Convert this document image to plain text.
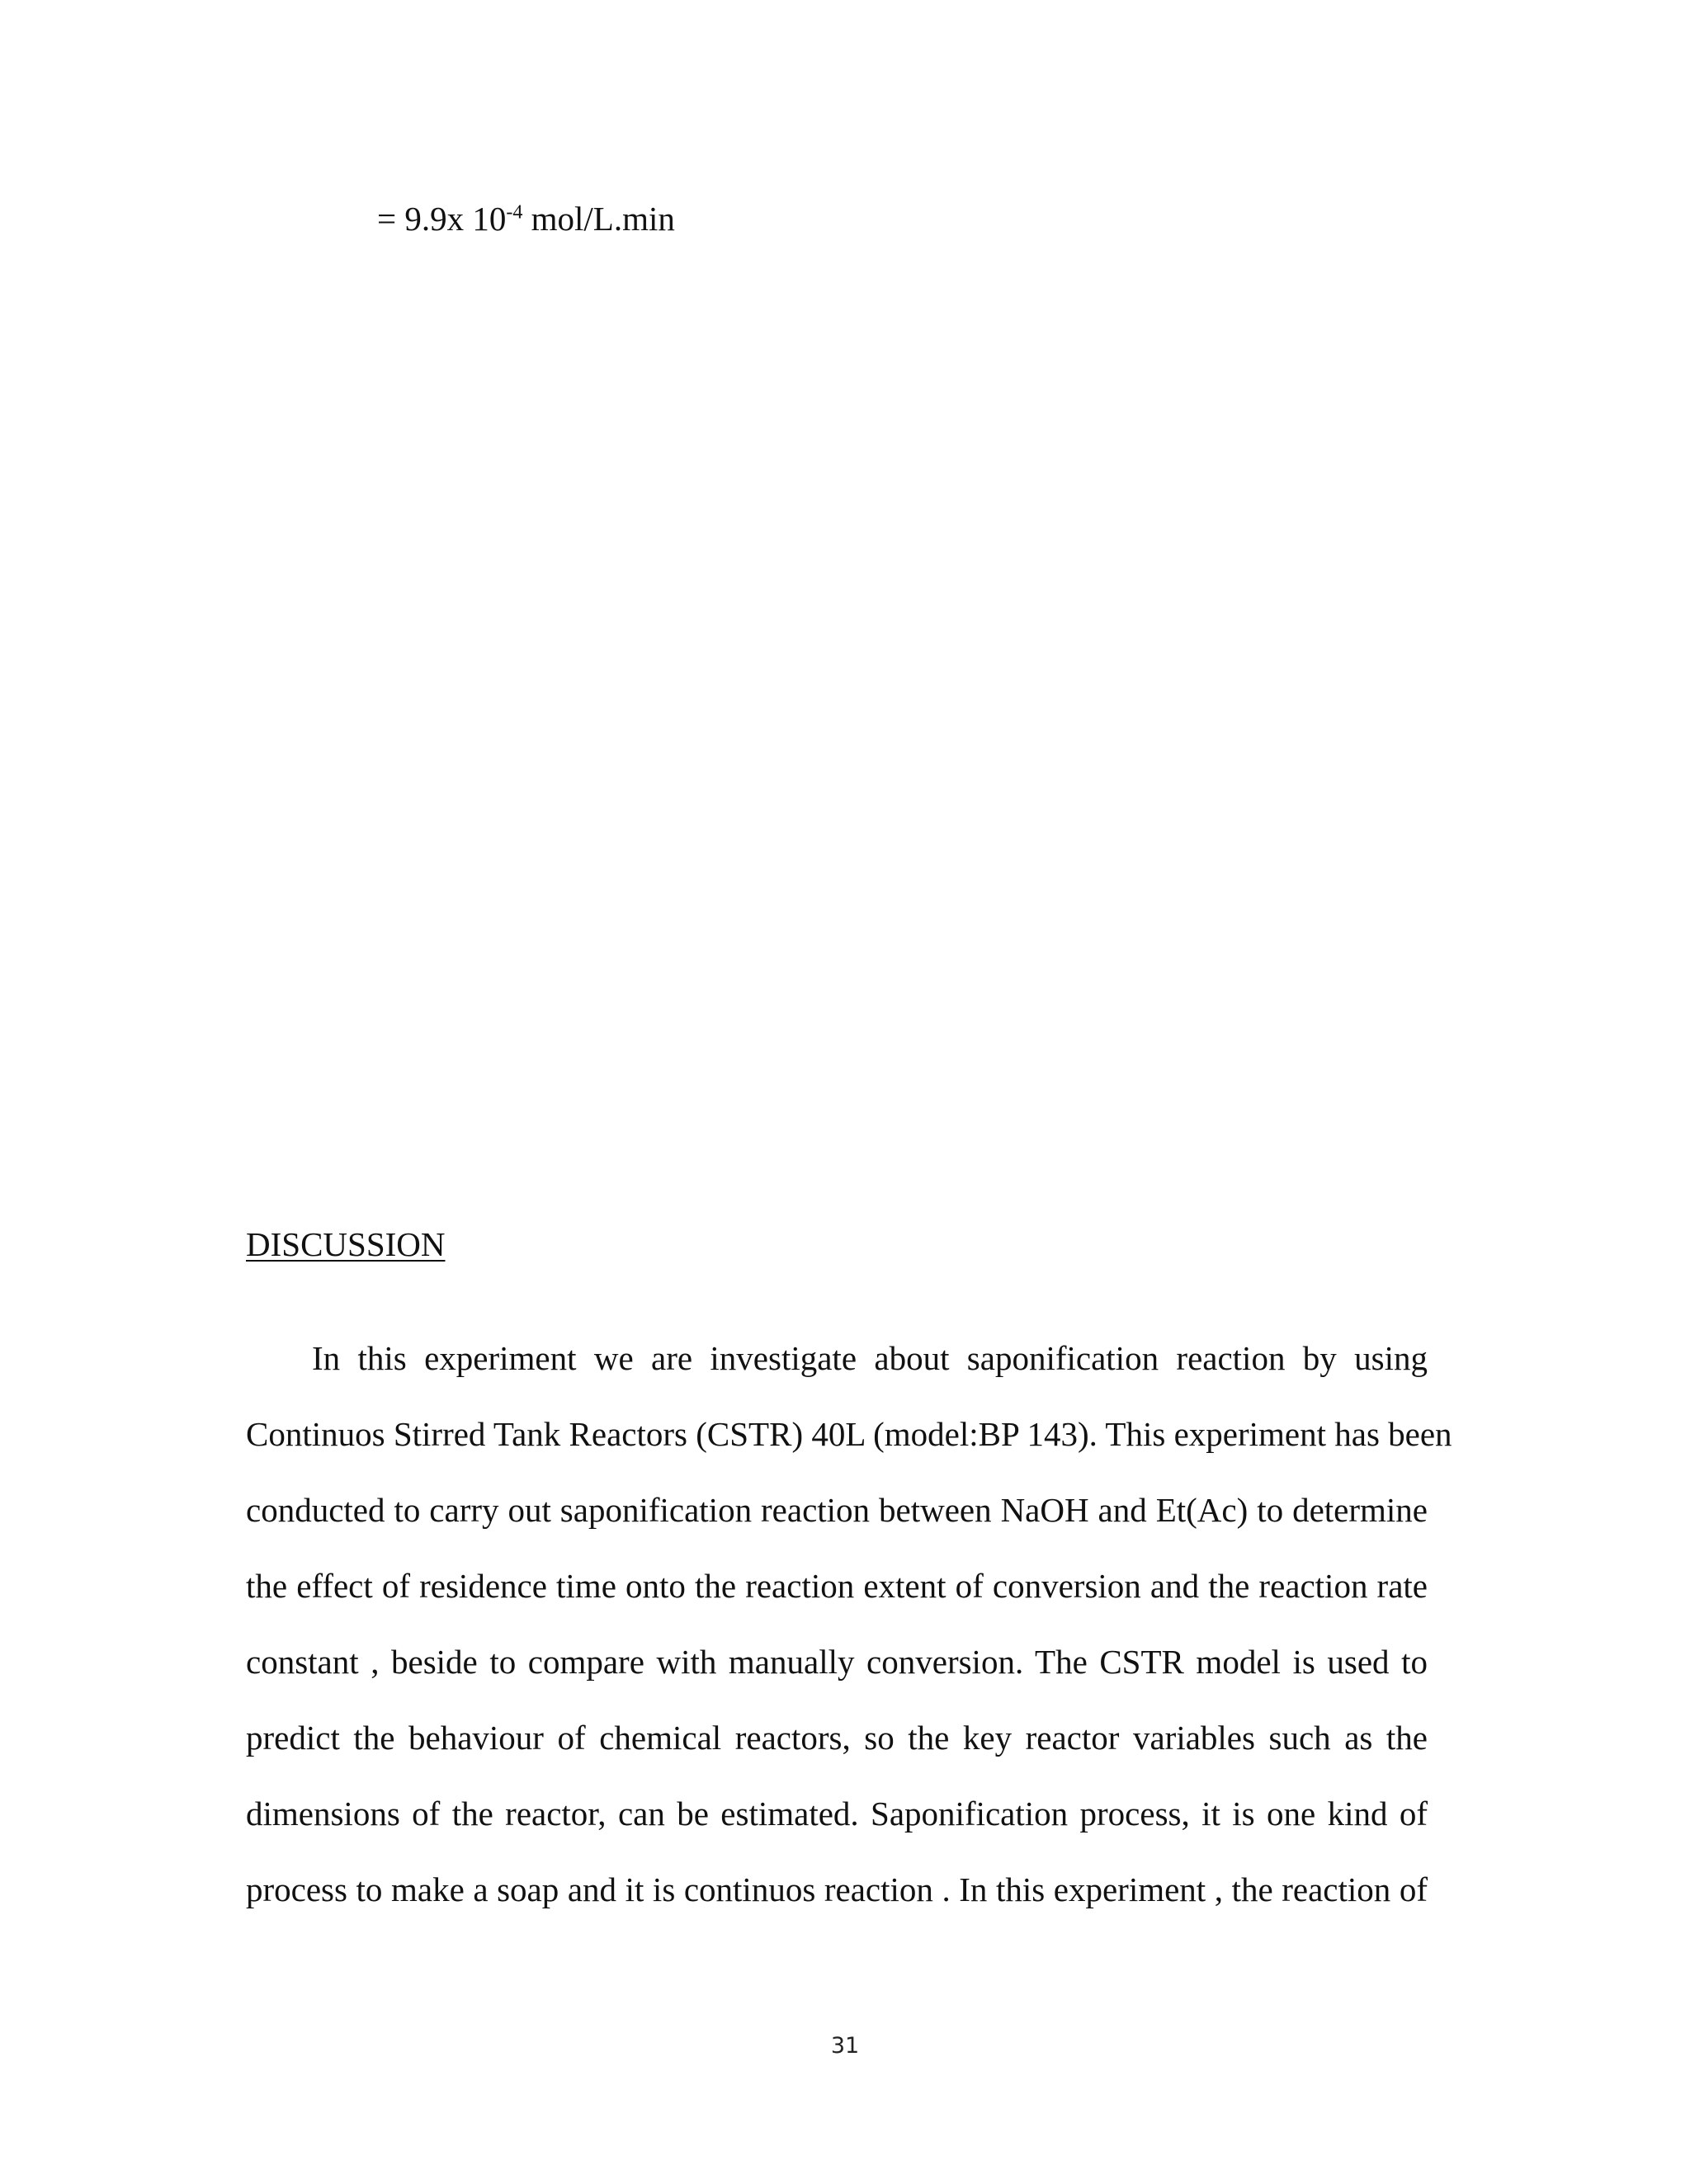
= 9.9x $10^{-4}$ mol/L.min
DISCUSSION
In this experiment we are investigate about saponification reaction by using
Continuos Stirred Tank Reactors (CSTR) 40L (model:BP 143). This experiment has been
conducted to carry out saponification reaction between NaOH and Et(Ac) to determine
the effect of residence time onto the reaction extent of conversion and the reaction rate
constant , beside to compare with manually conversion. The CSTR model is used to
predict the behaviour of chemical reactors, so the key reactor variables such as the
dimensions of the reactor, can be estimated. Saponification process, it is one kind of
process to make a soap and it is continuos reaction . In this experiment , the reaction of
31
